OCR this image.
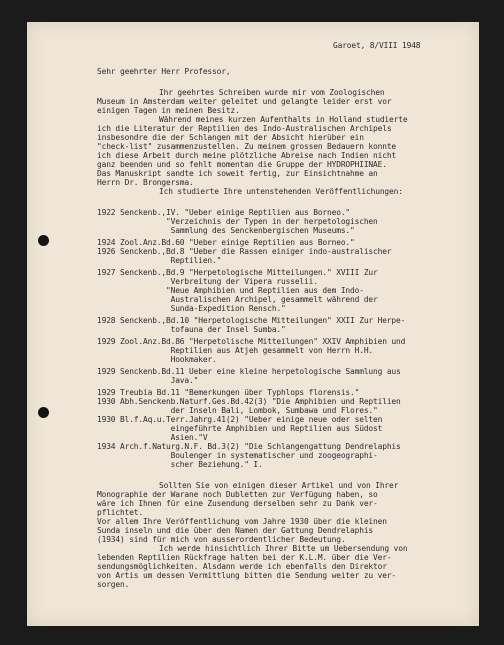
Garoet, 8/VIII 1948
Sehr geehrter Herr Professor,
Ihr geehrtes Schreiben wurde mir vom Zoologischen
Museum in Amsterdam weiter geleitet und gelangte leider erst vor
einigen Tagen in meinen Besitz.
Während meines kurzen Aufenthalts in Holland studierte
ich die Literatur der Reptilien des Indo-Australischen Archipels
insbesondre die der Schlangen mit der Absicht hierüber ein
"check-list" zusammenzustellen. Zu meinem grossen Bedauern konnte
ich diese Arbeit durch meine plötzliche Abreise nach Indien nicht
ganz beenden und so fehlt momentan die Gruppe der HYDROPHIINAE.
Das Manuskript sandte ich soweit fertig, zur Einsichtnahme an
Herrn Dr. Brongersma.
Ich studierte Ihre untenstehenden Veröffentlichungen:
1922 Senckenb.,IV. "Ueber einige Reptilien aus Borneo."
"Verzeichnis der Typen in der herpetologischen
Sammlung des Senckenbergischen Museums."
1924 Zool.Anz.Bd.60 "Ueber einige Reptilien aus Borneo."
1926 Senckenb.,Bd.8 "Ueber die Rassen einiger indo-australischer
Reptilien."
1927 Senckenb.,Bd.9 "Herpetologische Mitteilungen." XVIII Zur
Verbreitung der Vipera russelii.
"Neue Amphibien und Reptilien aus dem Indo-
Australischen Archipel, gesammelt während der
Sunda-Expedition Rensch."
1928 Senckenb.,Bd.10 "Herpetologische Mitteilungen" XXII Zur Herpe-
tofauna der Insel Sumba."
1929 Zool.Anz.Bd.86 "Herpetolische Mitteilungen" XXIV Amphibien und
Reptilien aus Atjeh gesammelt von Herrn H.H.
Hookmaker.
1929 Senckenb.Bd.11 Ueber eine kleine herpetologische Sammlung aus
Java."
1929 Treubia Bd.11 "Bemerkungen über Typhlops florensis."
1930 Abh.Senckenb.Naturf.Ges.Bd.42(3) "Die Amphibien und Reptilien
der Inseln Bali, Lombok, Sumbawa und Flores."
1930 Bl.f.Aq.u.Terr.Jahrg.41(2) "Ueber einige neue oder selten
eingeführte Amphibien und Reptilien aus Südost
Asien."V
1934 Arch.f.Naturg.N.F. Bd.3(2) "Die Schlangengattung Dendrelaphis
Boulenger in systematischer und zoogeographi-
scher Beziehung." I.
Sollten Sie von einigen dieser Artikel und von Ihrer
Monographie der Warane noch Dubletten zur Verfügung haben, so
wäre ich Ihnen für eine Zusendung derselben sehr zu Dank ver-
pflichtet.
Vor allem Ihre Veröffentlichung vom Jahre 1930 über die kleinen
Sunda inseln und die über den Namen der Gattung Dendrelaphis
(1934) sind für mich von ausserordentlicher Bedeutung.
Ich werde hinsichtlich Ihrer Bitte um Uebersendung von
lebenden Reptilien Rückfrage halten bei der K.L.M. über die Ver-
sendungsmöglichkeiten. Alsdann werde ich ebenfalls den Direktor
von Artis um dessen Vermittlung bitten die Sendung weiter zu ver-
sorgen.
